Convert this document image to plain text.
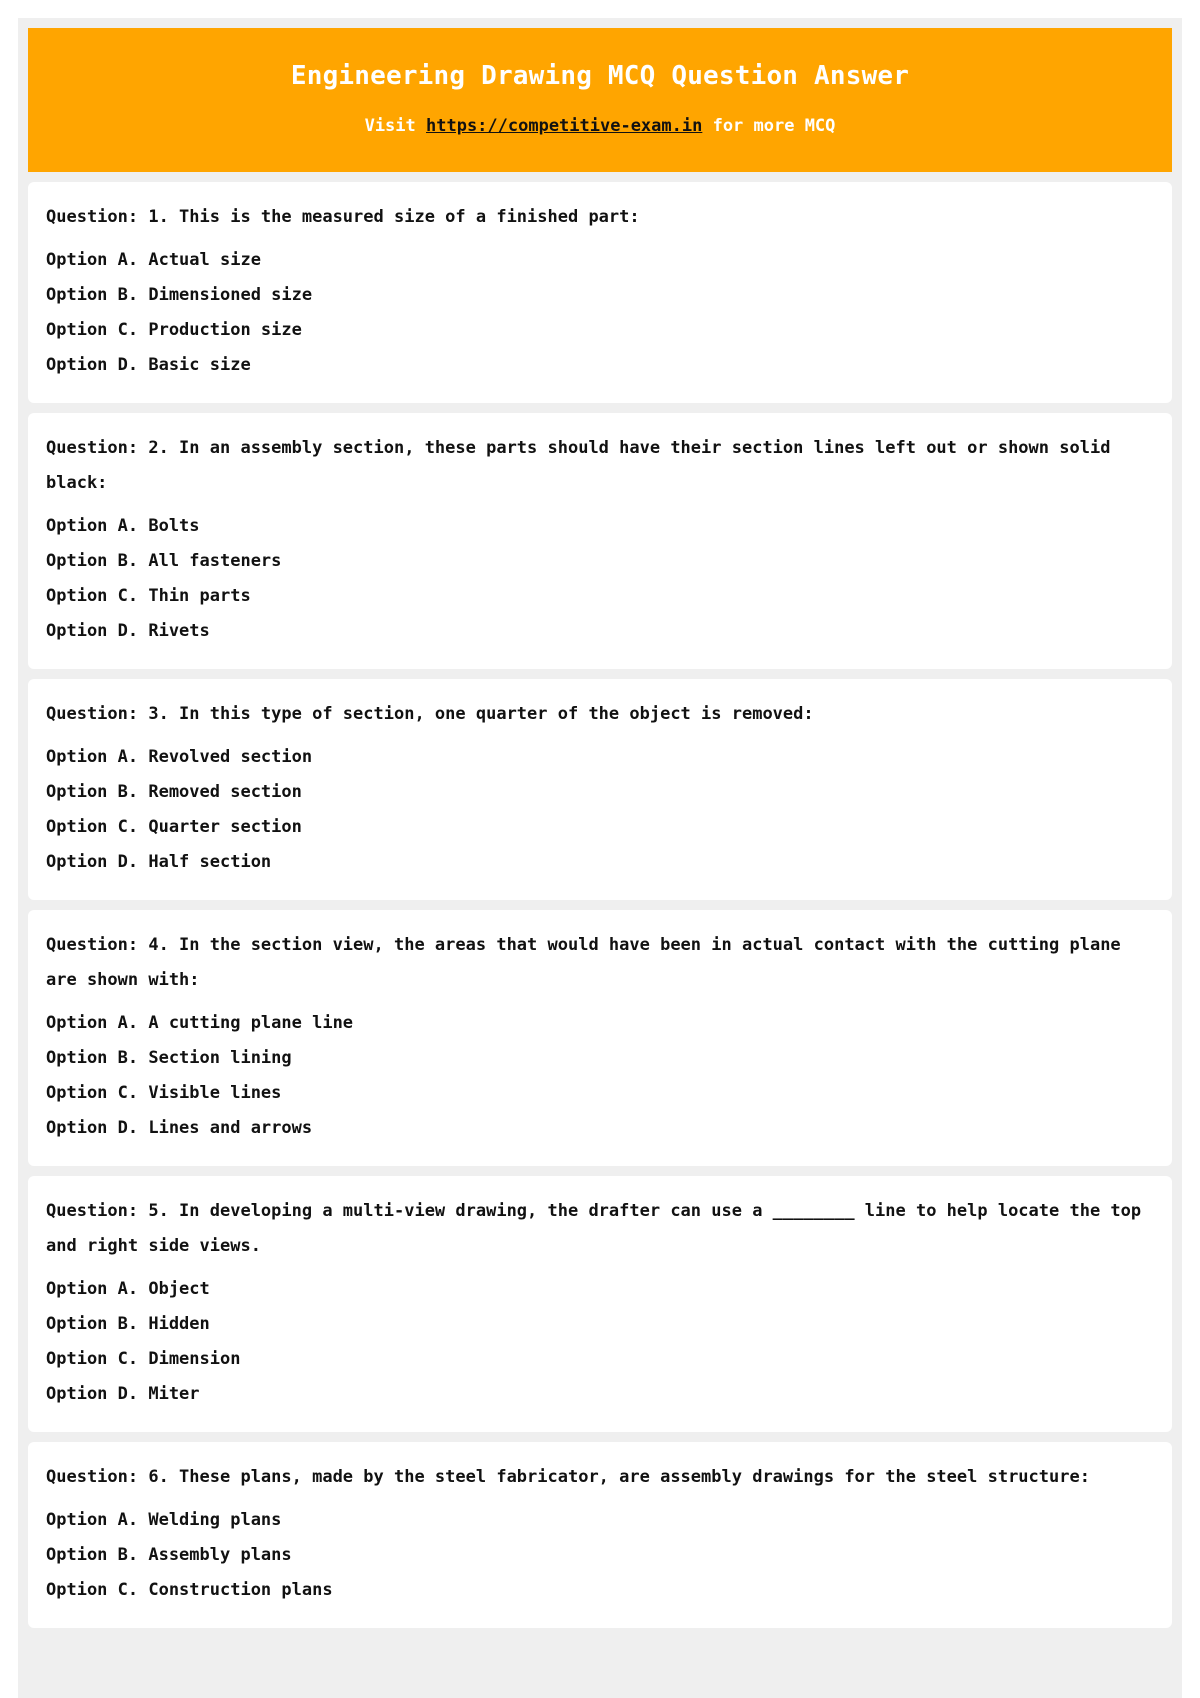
Engineering Drawing MCQ Question Answer
Visit https://competitive-exam.in for more MCQ

Question: 1. This is the measured size of a finished part:

Option A. Actual size

Option B. Dimensioned size

Option C. Production size

Option D. Basic size

Question: 2. In an assembly section, these parts should have their section lines left out or shown solid black:

Option A. Bolts

Option B. All fasteners

Option C. Thin parts

Option D. Rivets

Question: 3. In this type of section, one quarter of the object is removed:

Option A. Revolved section

Option B. Removed section

Option C. Quarter section

Option D. Half section

Question: 4. In the section view, the areas that would have been in actual contact with the cutting plane are shown with:

Option A. A cutting plane line

Option B. Section lining

Option C. Visible lines

Option D. Lines and arrows

Question: 5. In developing a multi-view drawing, the drafter can use a ________ line to help locate the top and right side views.

Option A. Object

Option B. Hidden

Option C. Dimension

Option D. Miter

Question: 6. These plans, made by the steel fabricator, are assembly drawings for the steel structure:

Option A. Welding plans

Option B. Assembly plans

Option C. Construction plans
